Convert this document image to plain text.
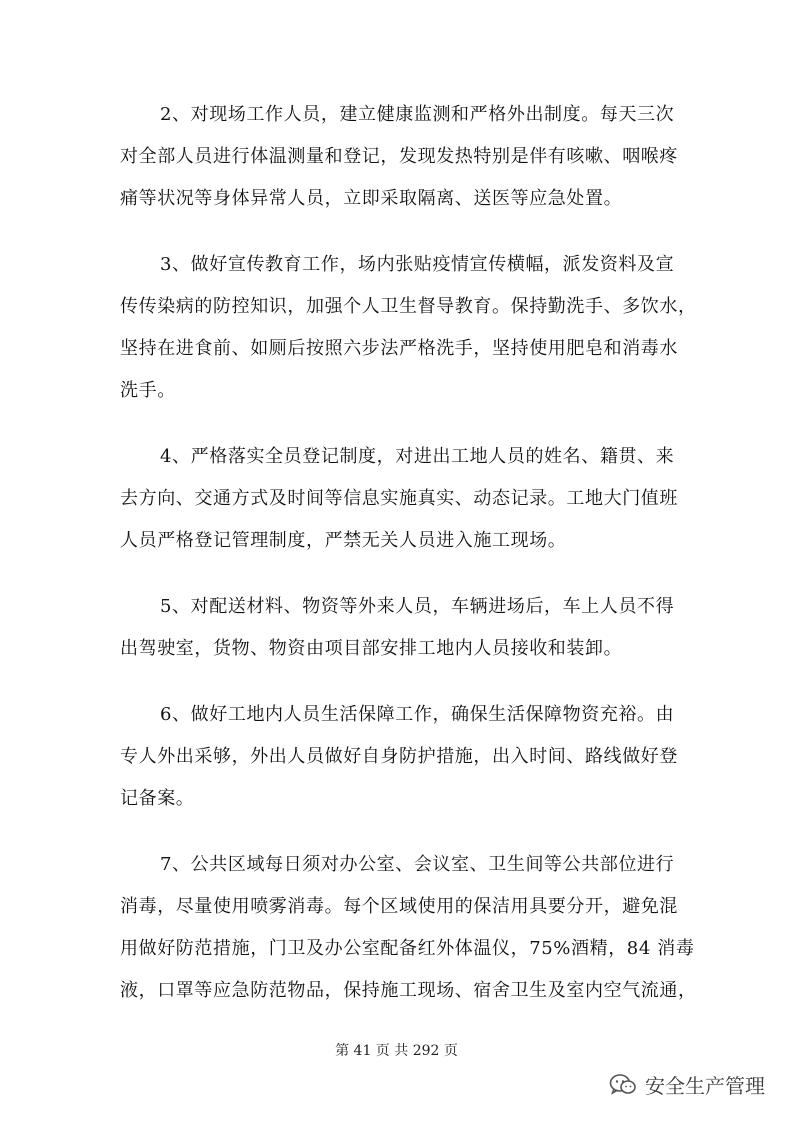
2、对现场工作人员，建立健康监测和严格外出制度。每天三次
对全部人员进行体温测量和登记，发现发热特别是伴有咳嗽、咽喉疼
痛等状况等身体异常人员，立即采取隔离、送医等应急处置。
3、做好宣传教育工作，场内张贴疫情宣传横幅，派发资料及宣
传传染病的防控知识，加强个人卫生督导教育。保持勤洗手、多饮水，
坚持在进食前、如厕后按照六步法严格洗手，坚持使用肥皂和消毒水
洗手。
4、严格落实全员登记制度，对进出工地人员的姓名、籍贯、来
去方向、交通方式及时间等信息实施真实、动态记录。工地大门值班
人员严格登记管理制度，严禁无关人员进入施工现场。
5、对配送材料、物资等外来人员，车辆进场后，车上人员不得
出驾驶室，货物、物资由项目部安排工地内人员接收和装卸。
6、做好工地内人员生活保障工作，确保生活保障物资充裕。由
专人外出采够，外出人员做好自身防护措施，出入时间、路线做好登
记备案。
7、公共区域每日须对办公室、会议室、卫生间等公共部位进行
消毒，尽量使用喷雾消毒。每个区域使用的保洁用具要分开，避免混
用做好防范措施，门卫及办公室配备红外体温仪，75%酒精，84 消毒
液，口罩等应急防范物品，保持施工现场、宿舍卫生及室内空气流通，
第 41 页 共 292 页
安全生产管理
